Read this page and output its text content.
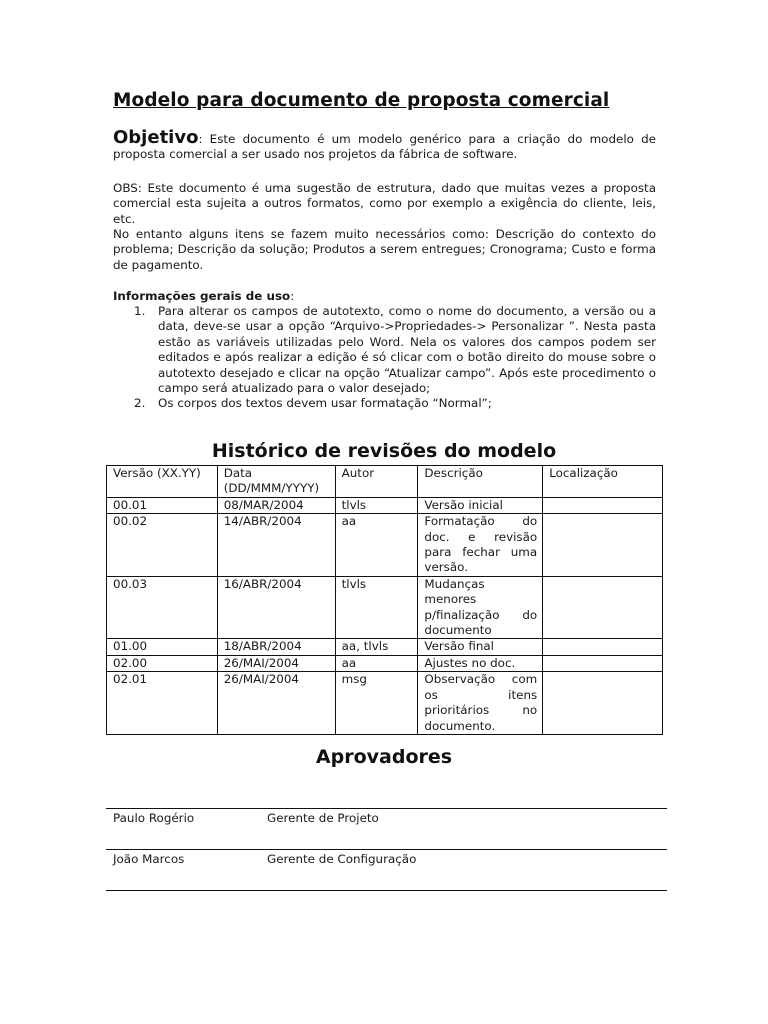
Modelo para documento de proposta comercial

Objetivo: Este documento é um modelo genérico para a criação do modelo de proposta comercial a ser usado nos projetos da fábrica de software.

OBS: Este documento é uma sugestão de estrutura, dado que muitas vezes a proposta comercial esta sujeita a outros formatos, como por exemplo a exigência do cliente, leis, etc.

No entanto alguns itens se fazem muito necessários como: Descrição do contexto do problema; Descrição da solução; Produtos a serem entregues; Cronograma; Custo e forma de pagamento.

Informações gerais de uso:

1. Para alterar os campos de autotexto, como o nome do documento, a versão ou a data, deve-se usar a opção “Arquivo->Propriedades-> Personalizar ”. Nesta pasta estão as variáveis utilizadas pelo Word. Nela os valores dos campos podem ser editados e após realizar a edição é só clicar com o botão direito do mouse sobre o autotexto desejado e clicar na opção “Atualizar campo”. Após este procedimento o campo será atualizado para o valor desejado;
2. Os corpos dos textos devem usar formatação “Normal”;
Histórico de revisões do modelo
Versão (XX.YY)	Data (DD/MMM/YYYY)	Autor	Descrição	Localização
00.01	08/MAR/2004	tlvls	Versão inicial	
00.02	14/ABR/2004	aa	Formatação do doc. e revisão para fechar uma versão.	
00.03	16/ABR/2004	tlvls	Mudanças menores p/finalização do documento	
01.00	18/ABR/2004	aa, tlvls	Versão final	
02.00	26/MAI/2004	aa	Ajustes no doc.	
02.01	26/MAI/2004	msg	Observação com os itens prioritários no documento.	
Aprovadores
Paulo Rogério	Gerente de Projeto
João Marcos	Gerente de Configuração
